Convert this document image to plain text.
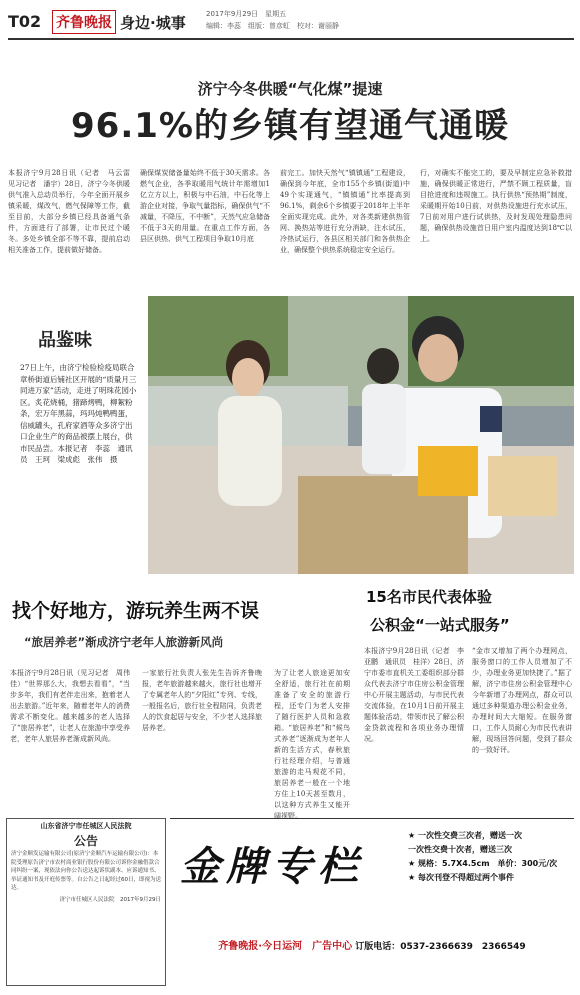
T02 齐鲁晚报 身边·城事	2017年9月29日　星期五
编辑：李蕊　组版：曾彦虹　校对：谢丽静
济宁今冬供暖“气化煤”提速
96.1%的乡镇有望通气通暖
本报济宁9月28日讯（记者　马云雷　见习记者　潘宇）28日，济宁今冬供暖供气准入总动员举行，今年全面开展乡镇采暖，煤改气，燃气保障等工作，截至目前，大部分乡镇已经具备通气条件，方面进行了部署，让市民过个暖冬。多处乡镇全部不等不靠，提前启动相关准备工作，提前做好储备。
确保煤炭储备量始终不低于30天需求。各燃气企业，各季取暖用气统计年需增加1亿立方以上，积极与中石油，中石化等上游企业对接，争取气量指标，确保供气“不减量，不降压，不中断”，天然气应急储备不低于3天的用量。在重点工作方面，各县区供热、供气工程项目争取10月底
前完工。加快天然气“镇镇通”工程建设，确保到今年底，全市155个乡镇(街道)中49个实现通气，“镇镇通”比率提高到96.1%，剩余6个乡镇要于2018年上半年全面实现完成。此外，对各类新建供热管网、换热站等进行充分消缺，注水试压，冷热试运行，各县区相关部门和各供热企业，确保整个供热系统稳定安全运行。
行，对确实不能完工的，要及早制定应急补救措施，确保供暖正常进行，严禁不顾工程质量，盲目抢进度和违规施工。执行供热“预热期”制度，采暖期开始10日前，对供热设施进行充水试压，7日前对用户进行试供热，及时发现处理隐患问题，确保供热设施首日用户室内温度达到18℃以上。
品鉴味
27日上午，由济宁检验检疫局联合章桥街道后铺社区开展的“质量月三同进万家”活动，走进了明珠花园小区。炙花烧桶，猪蹄烤鸭，柳絮粉条，宏万年黑蒜，玛玛炖鸭鸭蛋，信威罐头，孔府家酒等众多济宁出口企业生产的商品被摆上展台，供市民品尝。本报记者　李蕊　通讯员　王珂　梁成彪　张伟　摄
找个好地方，游玩养生两不误
“旅居养老”渐成济宁老年人旅游新风尚
本报济宁9月28日讯（见习记者　周伟佳）“世界那么大，我想去看看”，“当步多年，我们有老伴走出来，抱着老人出去旅游。”近年来，随着老年人的消费需求不断变化。越来越多的老人选择了“旅居养老”，让老人在旅游中享受养老，老年人旅居养老渐成新风尚。
一家旅行社负责人张先生告诉齐鲁晚报，老年旅游越来越火，旅行社也增开了专属老年人的“夕阳红”专列、专线，一般报名后，旅行社全程陪同，负责老人的饮食起居与安全，不少老人选择旅居养老。
为了让老人旅途更加安全舒适，旅行社在前期准备了安全的旅游行程，还专门为老人安排了随行医护人员和急救箱。“旅居养老”和“候鸟式养老”逐渐成为老年人新的生活方式，春秋旅行社经理介绍，与普通旅游的走马观花不同，旅居养老一般在一个地方住上10天甚至数月，以这种方式养生又能开阔视野。
15名市民代表体验
公积金“一站式服务”
本报济宁9月28日讯（记者　李亚鹏　通讯员　桂洋）28日，济宁市委市直机关工委组织部分群众代表去济宁市住房公积金管理中心开展主题活动，与市民代表交流体验，在10月1日前开展主题体验活动，带领市民了解公积金贷款流程和各项业务办理情况。
“金市又增加了两个办理网点，服务窗口的工作人员增加了不少，办理业务更加快捷了。”据了解，济宁市住房公积金管理中心今年新增了办理网点，群众可以通过多种渠道办理公积金业务，办理时间大大缩短。在服务窗口，工作人员耐心为市民代表讲解，现场回答问题，受到了群众的一致好评。
山东省济宁市任城区人民法院
公告
济宁金顺发运输有限公司(原济宁金顺汽车运输有限公司)：本院受理原告济宁市农村商业银行股份有限公司诉你金融借款合同纠纷一案，现依法向你公告送达起诉状副本、应诉通知书、举证通知书及开庭传票等。自公告之日起经过60日，即视为送达。
济宁市任城区人民法院　2017年9月29日
金牌专栏
★ 一次性交费三次者，赠送一次
一次性交费十次者，赠送三次
★ 规格：5.7X4.5cm　单价：300元/次
★ 每次刊登不得超过两个事件
齐鲁晚报·今日运河　广告中心 订版电话：0537-2366639　2366549
